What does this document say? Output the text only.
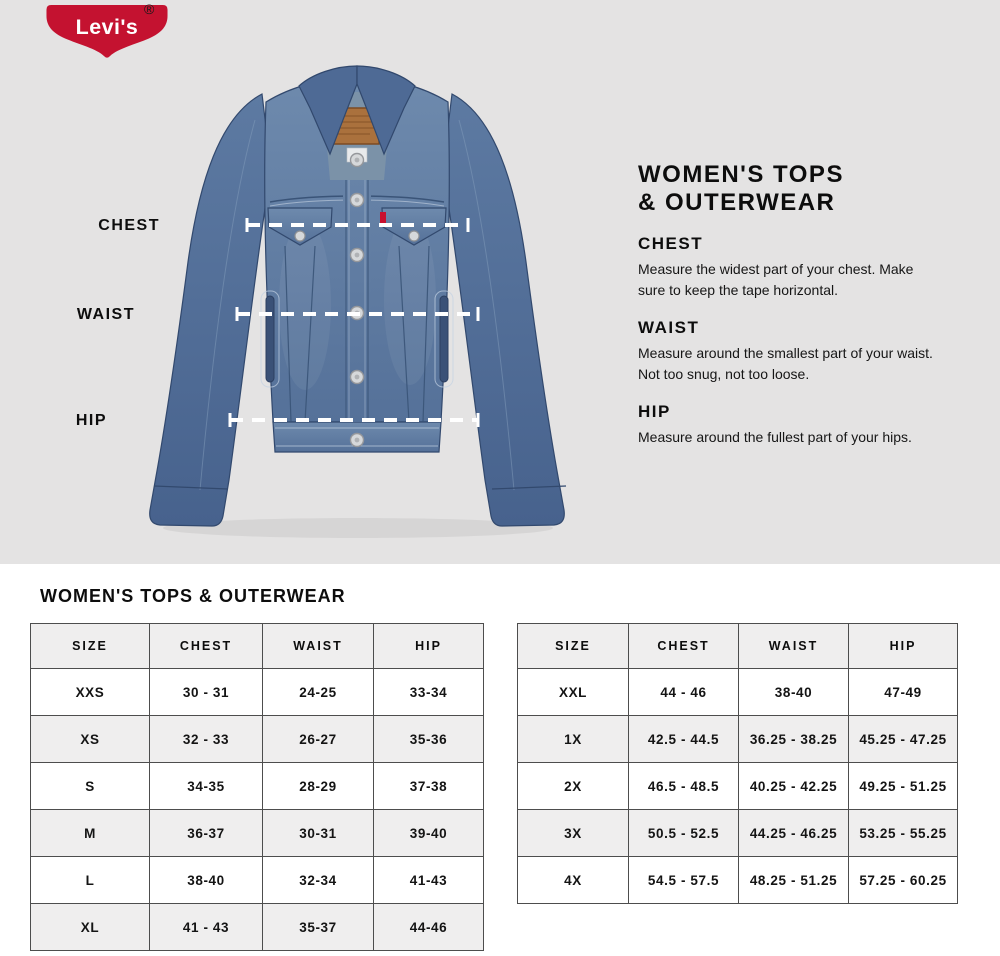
Levi's
®
CHEST
WAIST
HIP
WOMEN'S TOPS
& OUTERWEAR
CHEST

Measure the widest part of your chest. Make sure to keep the tape horizontal.

WAIST

Measure around the smallest part of your waist. Not too snug, not too loose.

HIP

Measure around the fullest part of your hips.

WOMEN'S TOPS & OUTERWEAR
SIZE	CHEST	WAIST	HIP
XXS	30 - 31	24-25	33-34
XS	32 - 33	26-27	35-36
S	34-35	28-29	37-38
M	36-37	30-31	39-40
L	38-40	32-34	41-43
XL	41 - 43	35-37	44-46
SIZE	CHEST	WAIST	HIP
XXL	44 - 46	38-40	47-49
1X	42.5 - 44.5	36.25 - 38.25	45.25 - 47.25
2X	46.5 - 48.5	40.25 - 42.25	49.25 - 51.25
3X	50.5 - 52.5	44.25 - 46.25	53.25 - 55.25
4X	54.5 - 57.5	48.25 - 51.25	57.25 - 60.25
